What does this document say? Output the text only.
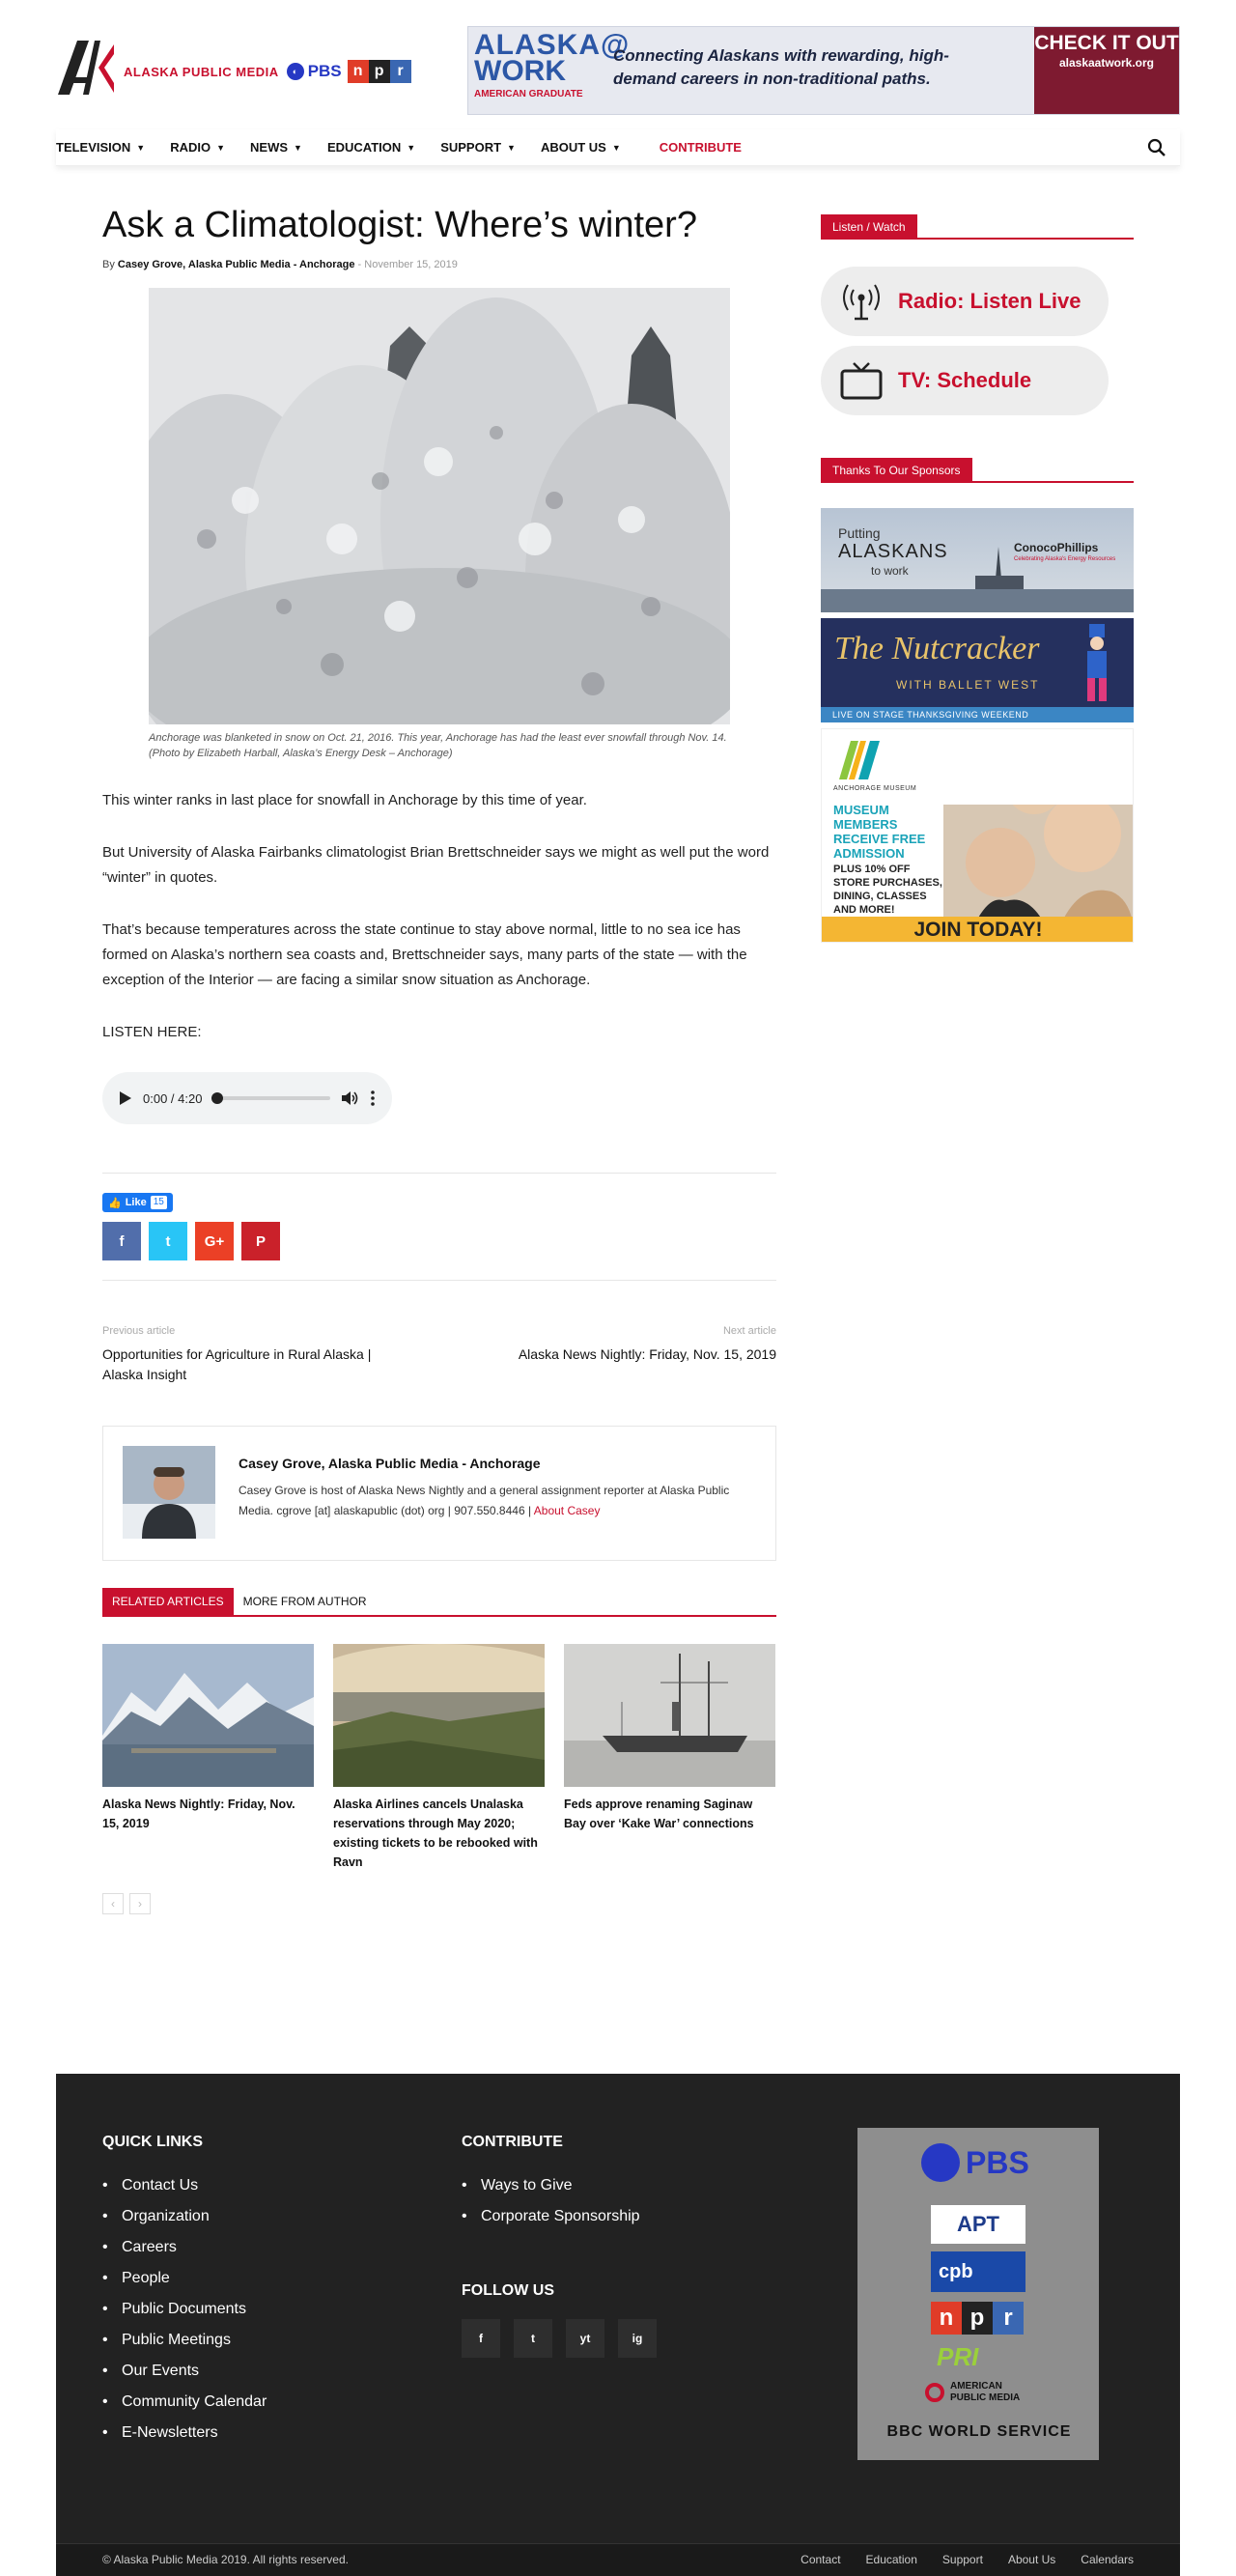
ALASKA PUBLIC MEDIA	◐ PBS n p r
ALASKA@
WORK
AMERICAN GRADUATE
Connecting Alaskans with rewarding, high-demand careers in non-traditional paths.
CHECK IT OUT
alaskaatwork.org
TELEVISION ▼ RADIO ▼ NEWS ▼ EDUCATION ▼ SUPPORT ▼ ABOUT US ▼	CONTRIBUTE
Ask a Climatologist: Where’s winter?
By Casey Grove, Alaska Public Media - Anchorage - November 15, 2019
Anchorage was blanketed in snow on Oct. 21, 2016. This year, Anchorage has had the least ever snowfall through Nov. 14. (Photo by Elizabeth Harball, Alaska’s Energy Desk – Anchorage)

This winter ranks in last place for snowfall in Anchorage by this time of year.

But University of Alaska Fairbanks climatologist Brian Brettschneider says we might as well put the word “winter” in quotes.

That’s because temperatures across the state continue to stay above normal, little to no sea ice has formed on Alaska’s northern sea coasts and, Brettschneider says, many parts of the state — with the exception of the Interior — are facing a similar snow situation as Anchorage.

LISTEN HERE:

0:00 / 4:20
👍 Like 15
f	t	G+	P
Previous article
Opportunities for Agriculture in Rural Alaska | Alaska Insight
Next article
Alaska News Nightly: Friday, Nov. 15, 2019
Casey Grove, Alaska Public Media - Anchorage
Casey Grove is host of Alaska News Nightly and a general assignment reporter at Alaska Public Media. cgrove [at] alaskapublic (dot) org | 907.550.8446 | About Casey
RELATED ARTICLES	MORE FROM AUTHOR
Alaska News Nightly: Friday, Nov. 15, 2019
Alaska Airlines cancels Unalaska reservations through May 2020; existing tickets to be rebooked with Ravn
Feds approve renaming Saginaw Bay over ‘Kake War’ connections
‹	›
Listen / Watch
Radio: Listen Live
TV: Schedule
Thanks To Our Sponsors
Putting
ALASKANS
to work
ConocoPhillips
Celebrating Alaska's Energy Resources
The Nutcracker
WITH BALLET WEST
LIVE ON STAGE THANKSGIVING WEEKEND
ANCHORAGE MUSEUM
MUSEUM MEMBERS RECEIVE FREE ADMISSION
PLUS 10% OFF STORE PURCHASES, DINING, CLASSES AND MORE!
JOIN TODAY!
QUICK LINKS
• Contact Us
• Organization
• Careers
• People
• Public Documents
• Public Meetings
• Our Events
• Community Calendar
• E-Newsletters
CONTRIBUTE
• Ways to Give
• Corporate Sponsorship
FOLLOW US
f	t	yt	ig
PBS
APT
cpb
n p r
PRI
AMERICAN PUBLIC MEDIA
BBC WORLD SERVICE
© Alaska Public Media 2019. All rights reserved.	Contact Education Support About Us Calendars
